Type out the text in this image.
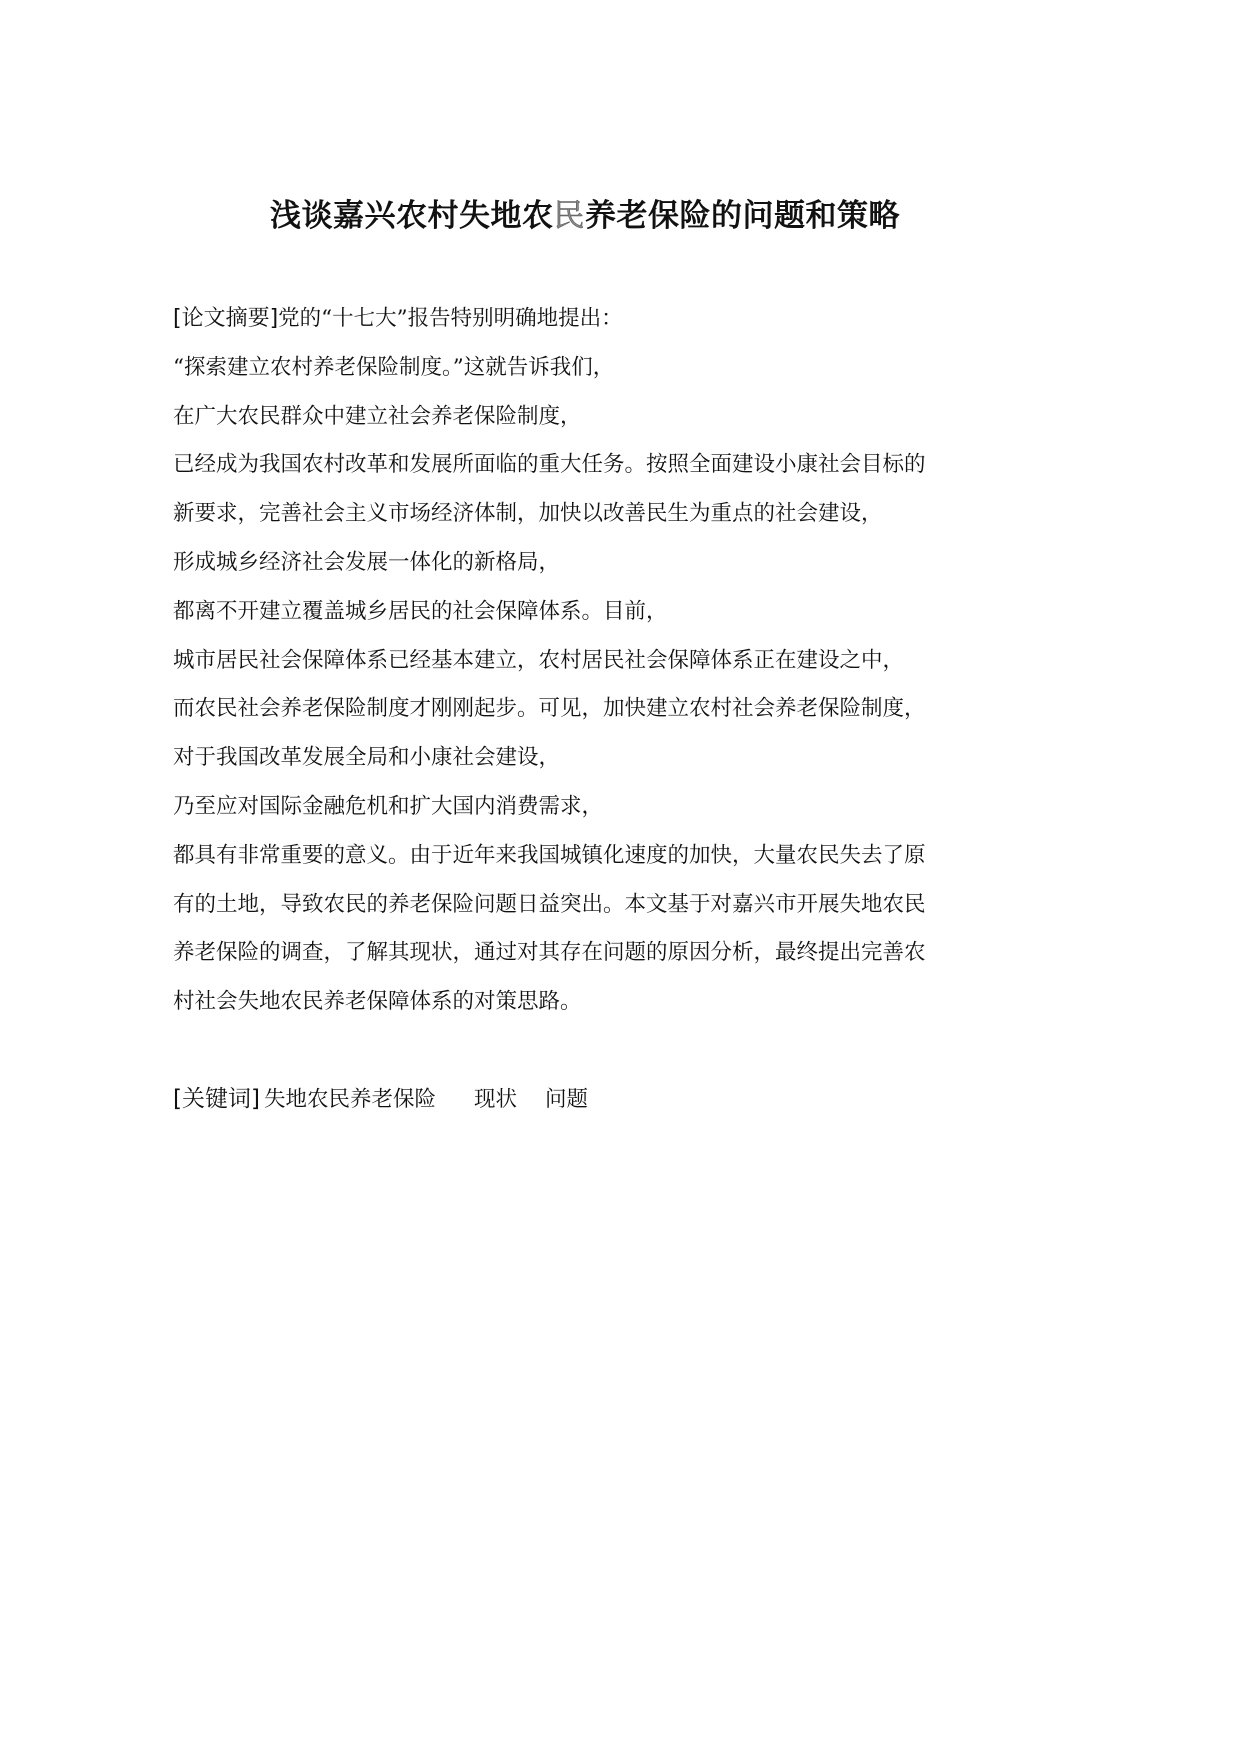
浅谈嘉兴农村失地农民养老保险的问题和策略
[论文摘要]党的“十七大”报告特别明确地提出：
“探索建立农村养老保险制度。”这就告诉我们，
在广大农民群众中建立社会养老保险制度，
已经成为我国农村改革和发展所面临的重大任务。按照全面建设小康社会目标的
新要求，完善社会主义市场经济体制，加快以改善民生为重点的社会建设，
形成城乡经济社会发展一体化的新格局，
都离不开建立覆盖城乡居民的社会保障体系。目前，
城市居民社会保障体系已经基本建立，农村居民社会保障体系正在建设之中，
而农民社会养老保险制度才刚刚起步。可见，加快建立农村社会养老保险制度，
对于我国改革发展全局和小康社会建设，
乃至应对国际金融危机和扩大国内消费需求，
都具有非常重要的意义。由于近年来我国城镇化速度的加快，大量农民失去了原
有的土地，导致农民的养老保险问题日益突出。本文基于对嘉兴市开展失地农民
养老保险的调查，了解其现状，通过对其存在问题的原因分析，最终提出完善农
村社会失地农民养老保障体系的对策思路。
[关键词] 失地农民养老保险 现状 问题
